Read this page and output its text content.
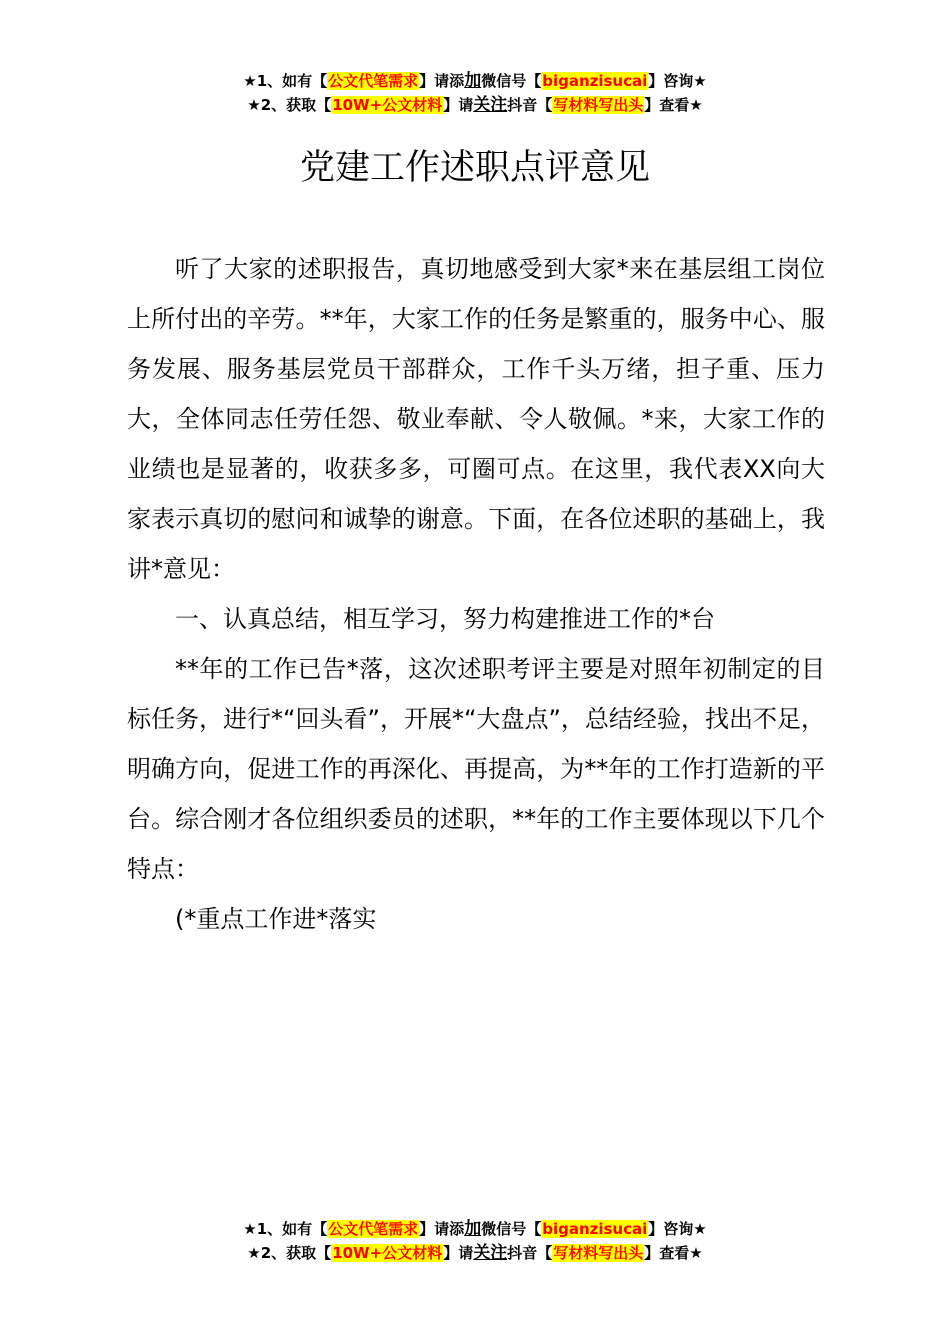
★1、如有【公文代笔需求】请添加微信号【biganzisucai】咨询★
★2、获取【10W+公文材料】请关注抖音【写材料写出头】查看★
党建工作述职点评意见

听了大家的述职报告，真切地感受到大家*来在基层组工岗位上所付出的辛劳。**年，大家工作的任务是繁重的，服务中心、服务发展、服务基层党员干部群众，工作千头万绪，担子重、压力大，全体同志任劳任怨、敬业奉献、令人敬佩。*来，大家工作的业绩也是显著的，收获多多，可圈可点。在这里，我代表XX向大家表示真切的慰问和诚挚的谢意。下面，在各位述职的基础上，我讲*意见：

一、认真总结，相互学习，努力构建推进工作的*台

**年的工作已告*落，这次述职考评主要是对照年初制定的目标任务，进行*“回头看”，开展*“大盘点”，总结经验，找出不足，明确方向，促进工作的再深化、再提高，为**年的工作打造新的平台。综合刚才各位组织委员的述职，**年的工作主要体现以下几个特点：

(*重点工作进*落实

★1、如有【公文代笔需求】请添加微信号【biganzisucai】咨询★
★2、获取【10W+公文材料】请关注抖音【写材料写出头】查看★
